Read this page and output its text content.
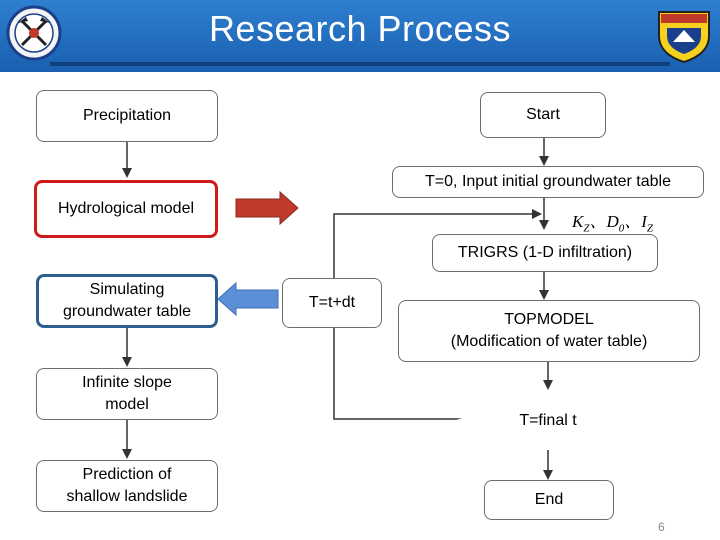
Research Process
Precipitation
Hydrological model
Simulating
groundwater table
Infinite slope
model
Prediction of
shallow landslide
Start
T=0, Input initial groundwater table
$K_Z$、$D_0$、$I_Z$
TRIGRS (1-D infiltration)
TOPMODEL
(Modification of water table)
T=final t
End
T=t+dt
6
